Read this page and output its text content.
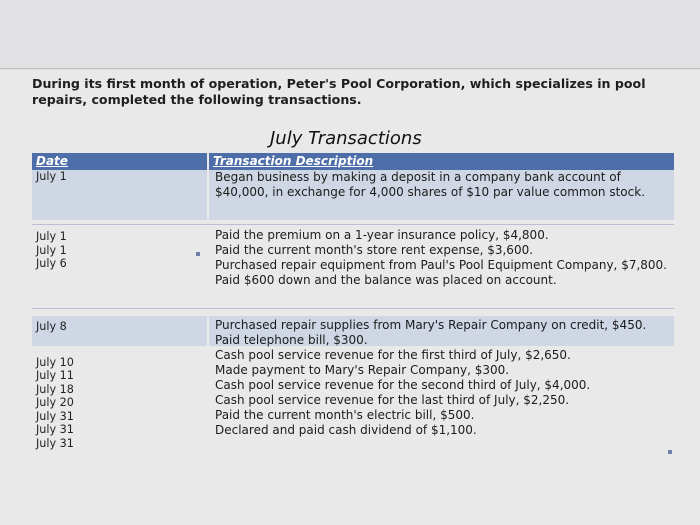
During its first month of operation, Peter's Pool Corporation, which specializes in pool repairs, completed the following transactions.
July Transactions
Date	Transaction Description
July 1	Began business by making a deposit in a company bank account of $40,000, in exchange for 4,000 shares of $10 par value common stock.
July 1
July 1
July 6
Paid the premium on a 1-year insurance policy, $4,800.
Paid the current month's store rent expense, $3,600.
Purchased repair equipment from Paul's Pool Equipment Company, $7,800. Paid $600 down and the balance was placed on account.
July 8
July 10
July 11
July 18
July 20
July 31
July 31
July 31
Purchased repair supplies from Mary's Repair Company on credit, $450.
Paid telephone bill, $300.
Cash pool service revenue for the first third of July, $2,650.
Made payment to Mary's Repair Company, $300.
Cash pool service revenue for the second third of July, $4,000.
Cash pool service revenue for the last third of July, $2,250.
Paid the current month's electric bill, $500.
Declared and paid cash dividend of $1,100.
